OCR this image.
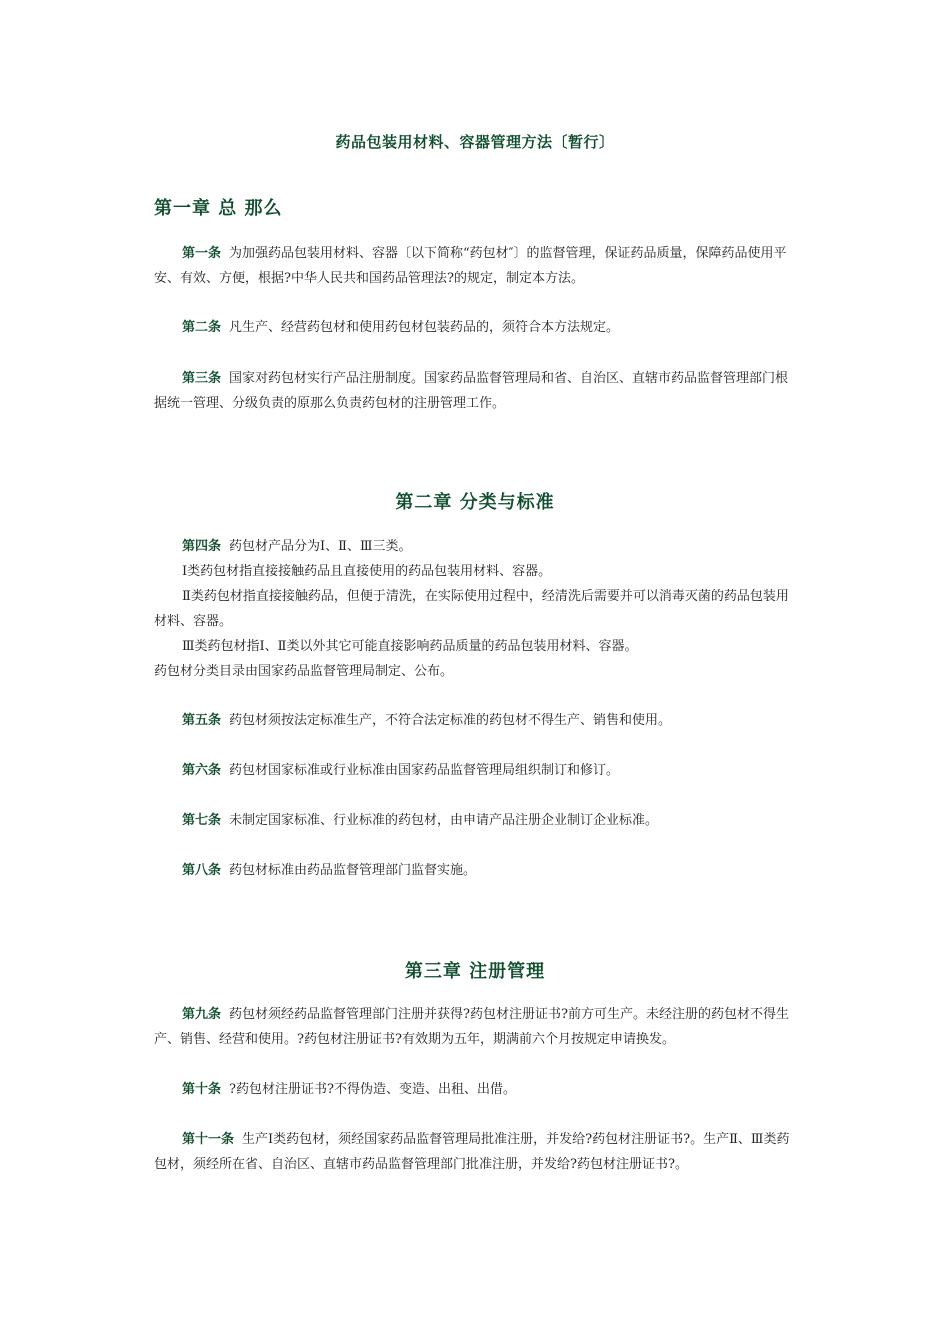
药品包装用材料、容器管理方法〔暂行〕
第一章 总 那么

第一条 为加强药品包装用材料、容器〔以下简称“药包材″〕的监督管理，保证药品质量，保障药品使用平安、有效、方便，根据?中华人民共和国药品管理法?的规定，制定本方法。

第二条 凡生产、经营药包材和使用药包材包装药品的，须符合本方法规定。

第三条 国家对药包材实行产品注册制度。国家药品监督管理局和省、自治区、直辖市药品监督管理部门根据统一管理、分级负责的原那么负责药包材的注册管理工作。

第二章 分类与标准

第四条 药包材产品分为Ⅰ、Ⅱ、Ⅲ三类。

Ⅰ类药包材指直接接触药品且直接使用的药品包装用材料、容器。

Ⅱ类药包材指直接接触药品，但便于清洗，在实际使用过程中，经清洗后需要并可以消毒灭菌的药品包装用材料、容器。

Ⅲ类药包材指Ⅰ、Ⅱ类以外其它可能直接影响药品质量的药品包装用材料、容器。

药包材分类目录由国家药品监督管理局制定、公布。

第五条 药包材须按法定标准生产，不符合法定标准的药包材不得生产、销售和使用。

第六条 药包材国家标准或行业标准由国家药品监督管理局组织制订和修订。

第七条 未制定国家标准、行业标准的药包材，由申请产品注册企业制订企业标准。

第八条 药包材标准由药品监督管理部门监督实施。

第三章 注册管理

第九条 药包材须经药品监督管理部门注册并获得?药包材注册证书?前方可生产。未经注册的药包材不得生产、销售、经营和使用。?药包材注册证书?有效期为五年，期满前六个月按规定申请换发。

第十条 ?药包材注册证书?不得伪造、变造、出租、出借。

第十一条 生产Ⅰ类药包材，须经国家药品监督管理局批准注册，并发给?药包材注册证书?。生产Ⅱ、Ⅲ类药包材，须经所在省、自治区、直辖市药品监督管理部门批准注册，并发给?药包材注册证书?。
